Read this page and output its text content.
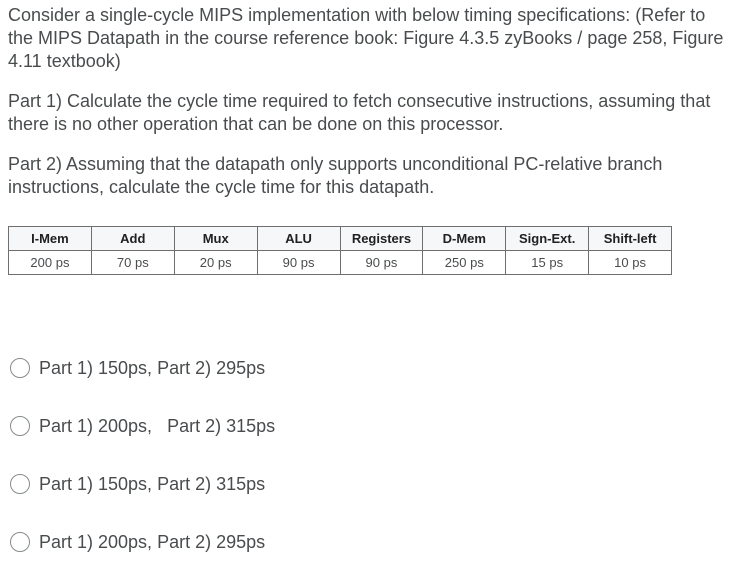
Consider a single-cycle MIPS implementation with below timing specifications: (Refer to the MIPS Datapath in the course reference book: Figure 4.3.5 zyBooks / page 258, Figure 4.11 textbook)

Part 1) Calculate the cycle time required to fetch consecutive instructions, assuming that there is no other operation that can be done on this processor.

Part 2) Assuming that the datapath only supports unconditional PC-relative branch instructions, calculate the cycle time for this datapath.

I-Mem	Add	Mux	ALU	Registers	D-Mem	Sign-Ext.	Shift-left
200 ps	70 ps	20 ps	90 ps	90 ps	250 ps	15 ps	10 ps
Part 1) 150ps, Part 2) 295ps
Part 1) 200ps,   Part 2) 315ps
Part 1) 150ps, Part 2) 315ps
Part 1) 200ps, Part 2) 295ps
